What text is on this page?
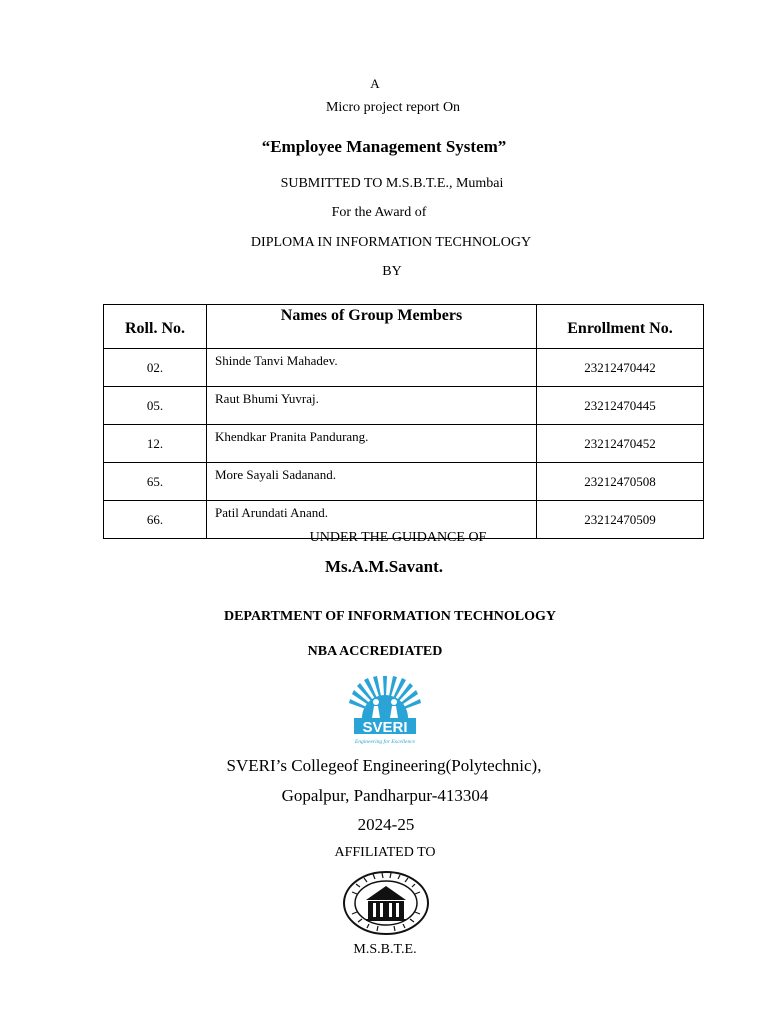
A
Micro project report On
“Employee Management System”
SUBMITTED TO M.S.B.T.E., Mumbai
For the Award of
DIPLOMA IN INFORMATION TECHNOLOGY
BY
Roll. No.	Names of Group Members	Enrollment No.
02.	Shinde Tanvi Mahadev.	23212470442
05.	Raut Bhumi Yuvraj.	23212470445
12.	Khendkar Pranita Pandurang.	23212470452
65.	More Sayali Sadanand.	23212470508
66.	Patil Arundati Anand.	23212470509
UNDER THE GUIDANCE OF
Ms.A.M.Savant.
DEPARTMENT OF INFORMATION TECHNOLOGY
NBA ACCREDIATED
SVERI
Engineering for Excellence
SVERI’s Collegeof Engineering(Polytechnic),
Gopalpur, Pandharpur-413304
2024-25
AFFILIATED TO
M.S.B.T.E.
